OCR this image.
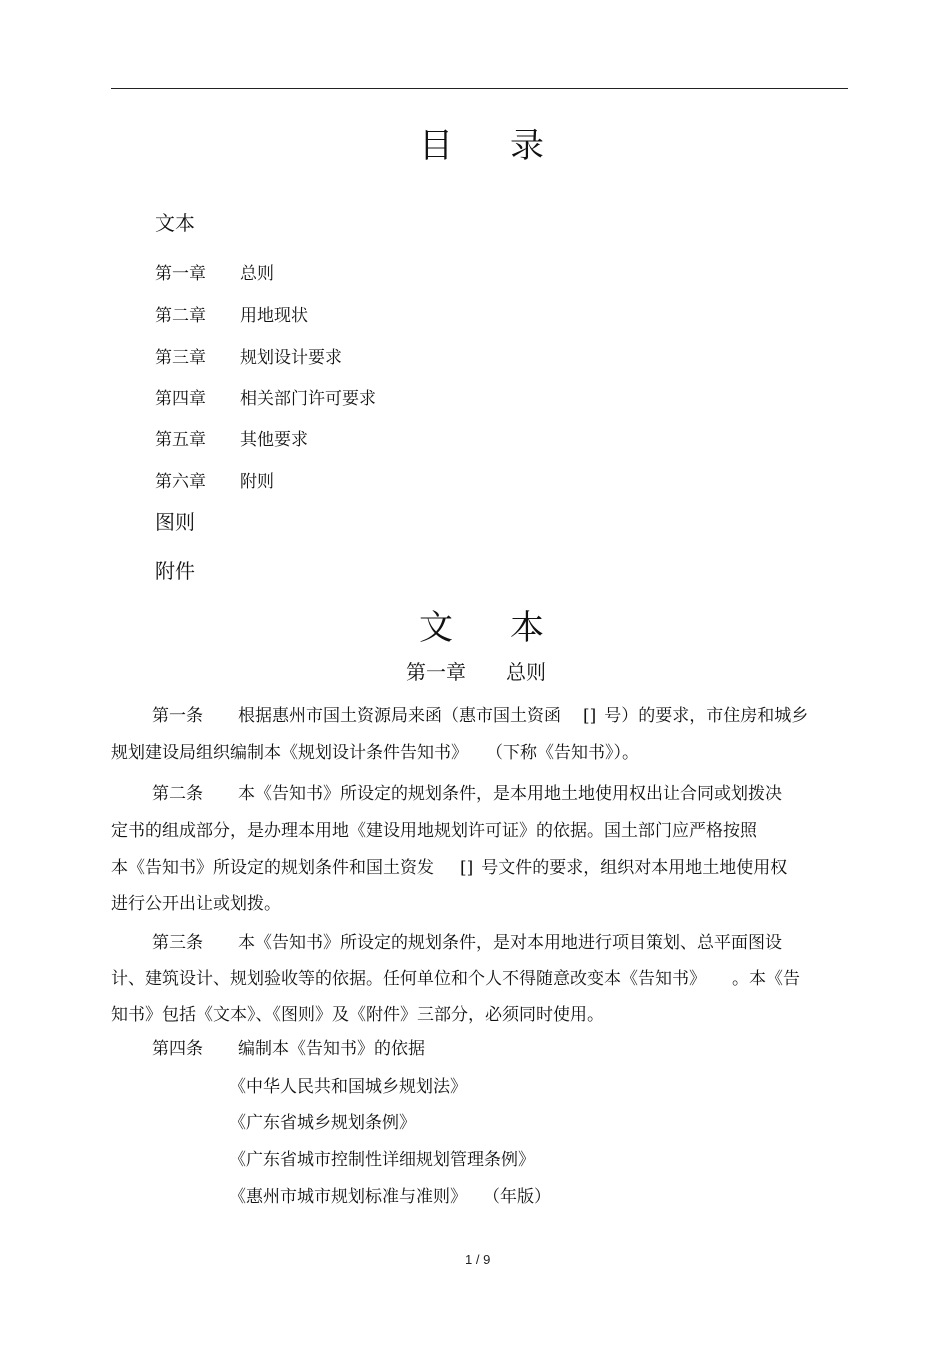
目 录
文本
第一章 总则
第二章 用地现状
第三章 规划设计要求
第四章 相关部门许可要求
第五章 其他要求
第六章 附则
图则
附件
文 本
第一章 总则
第一条 根据惠州市国土资源局来函（惠市国土资函 [] 号）的要求，市住房和城乡
规划建设局组织编制本《规划设计条件告知书》 （下称《告知书》）。
第二条 本《告知书》所设定的规划条件，是本用地土地使用权出让合同或划拨决
定书的组成部分，是办理本用地《建设用地规划许可证》的依据。国土部门应严格按照
本《告知书》所设定的规划条件和国土资发 [] 号文件的要求，组织对本用地土地使用权
进行公开出让或划拨。
第三条 本《告知书》所设定的规划条件，是对本用地进行项目策划、总平面图设
计、建筑设计、规划验收等的依据。任何单位和个人不得随意改变本《告知书》 。本《告
知书》包括《文本》、《图则》及《附件》三部分，必须同时使用。
第四条 编制本《告知书》的依据
《中华人民共和国城乡规划法》
《广东省城乡规划条例》
《广东省城市控制性详细规划管理条例》
《惠州市城市规划标准与准则》 （年版）
1 / 9
